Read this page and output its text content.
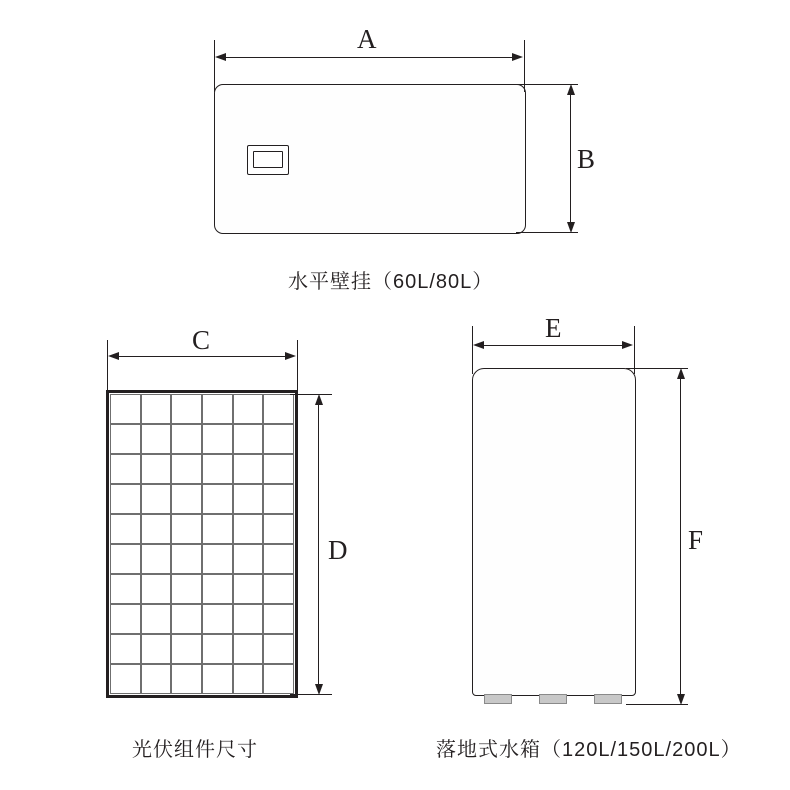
A
B
水平壁挂（60L/80L）
C
D
光伏组件尺寸
E
F
落地式水箱（120L/150L/200L）
